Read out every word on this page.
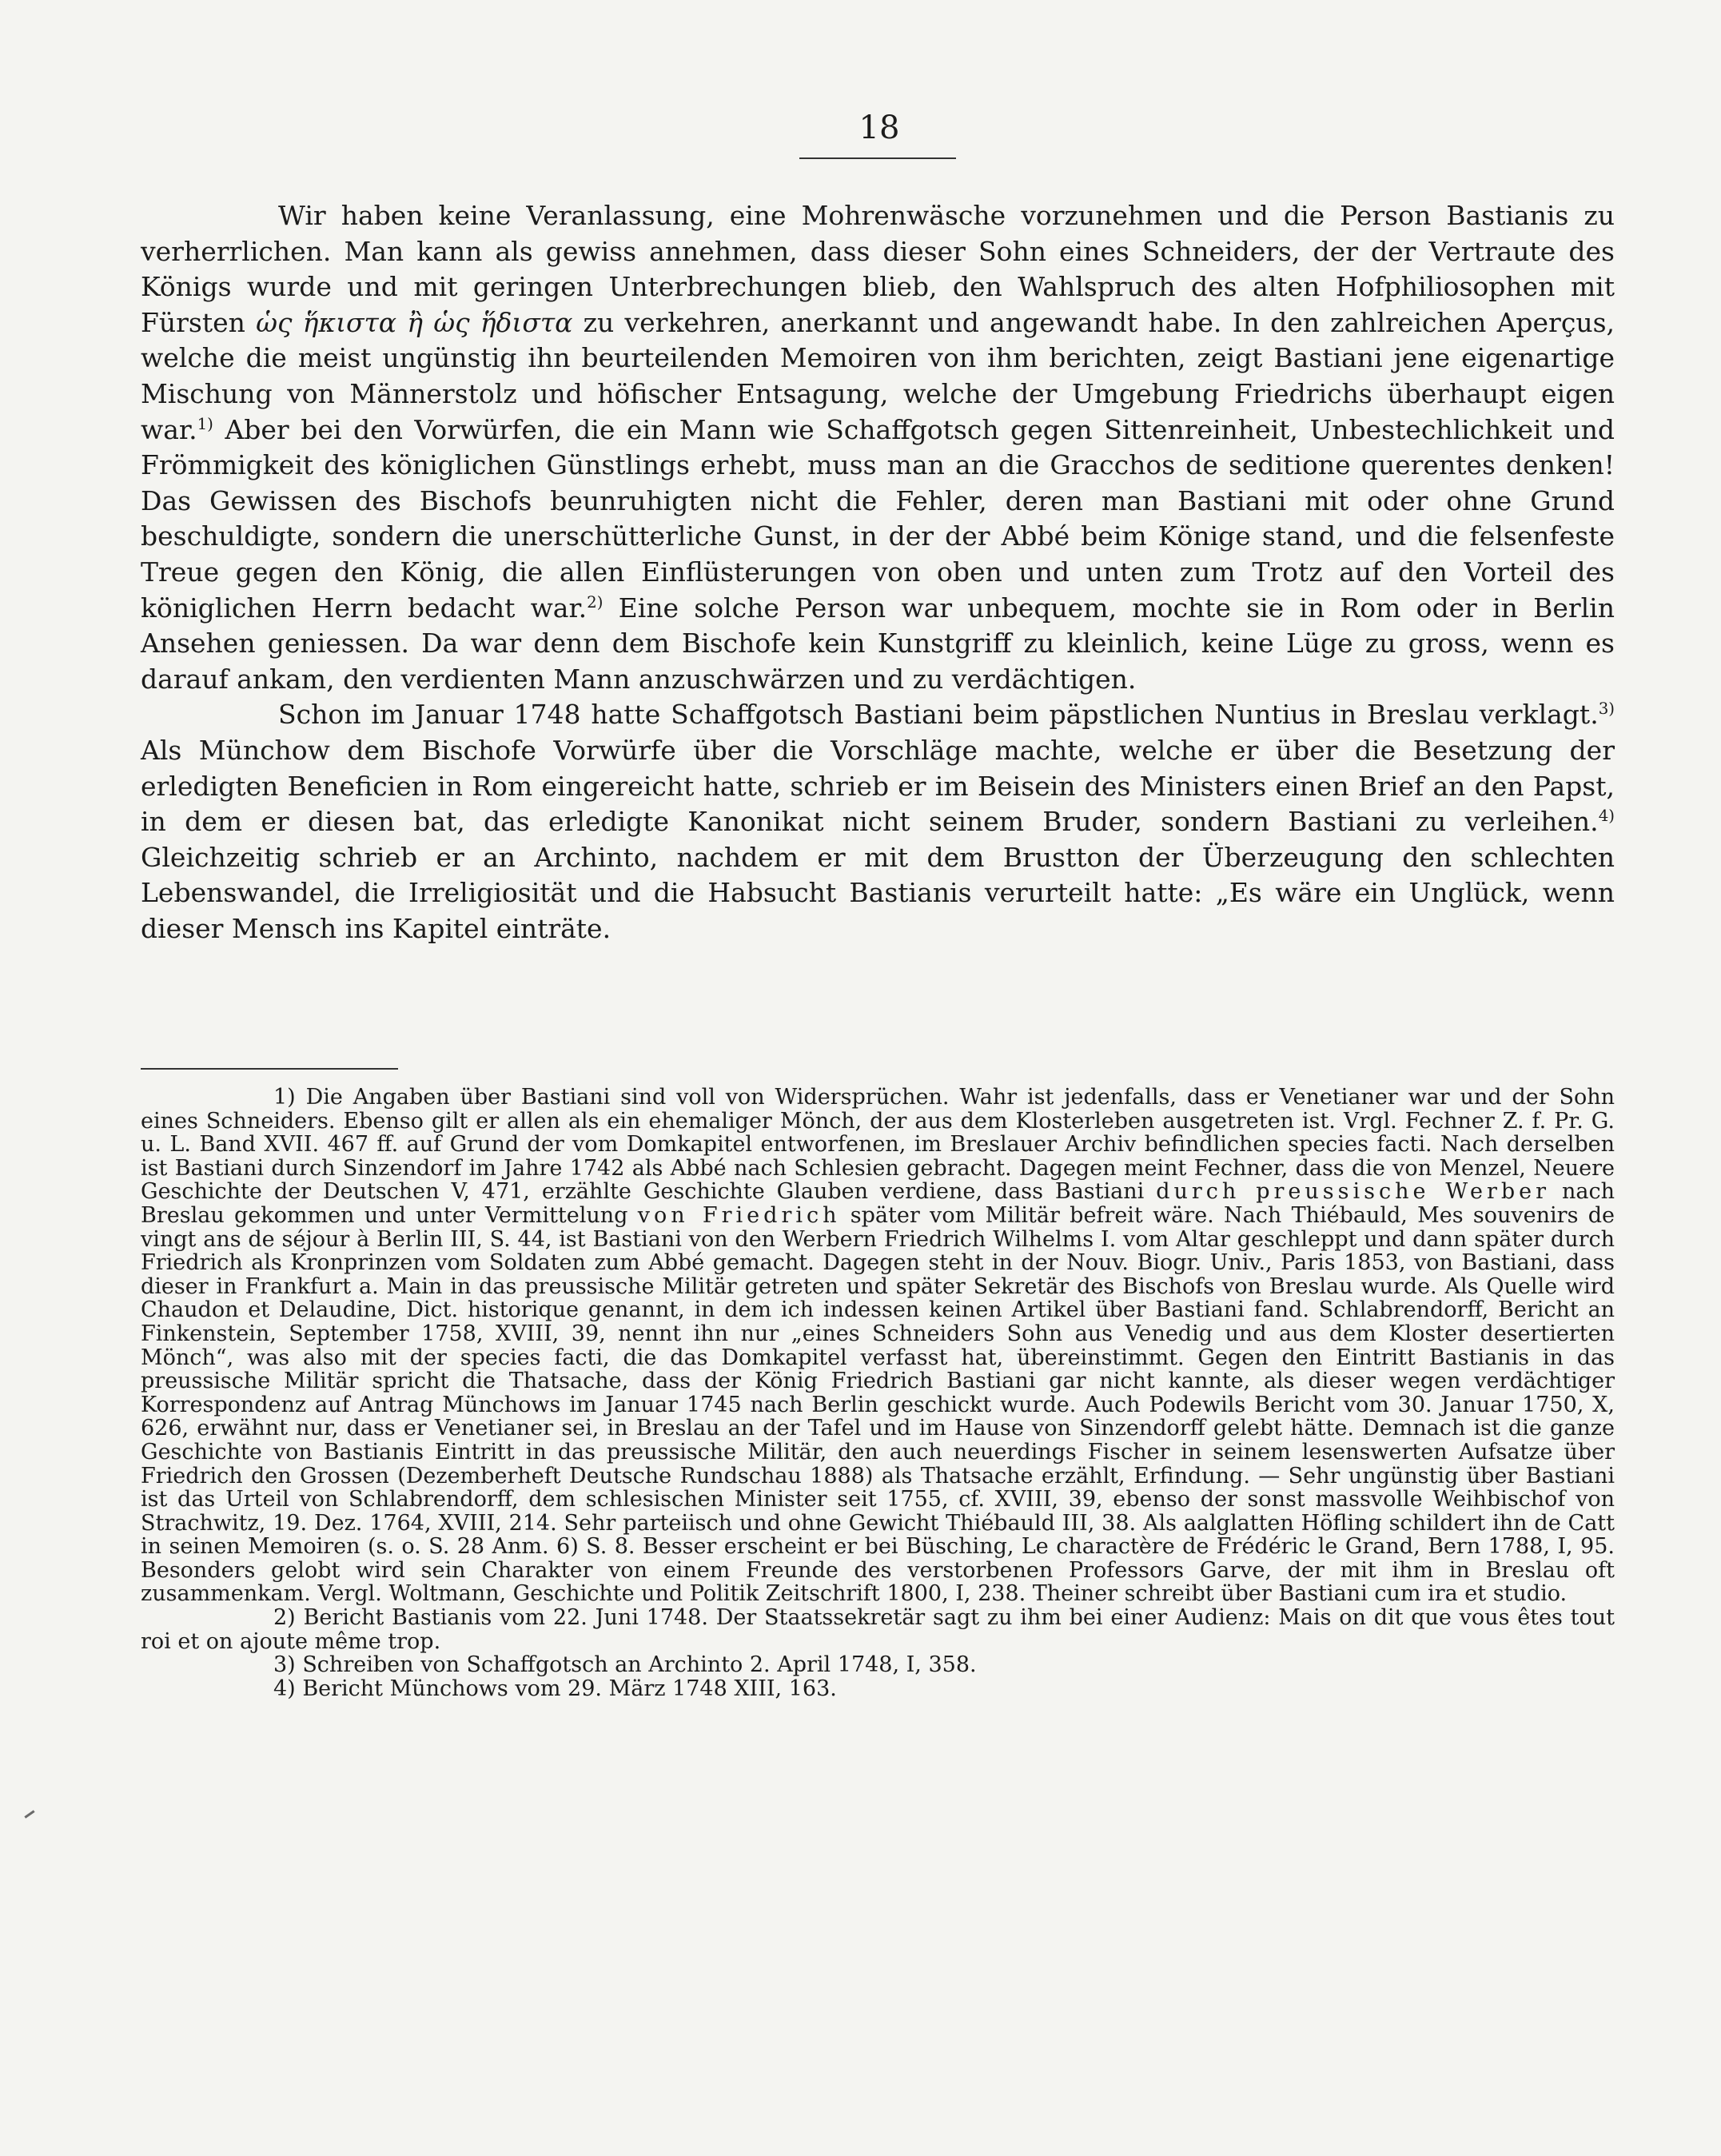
18

Wir haben keine Veranlassung, eine Mohrenwäsche vorzunehmen und die Person Bastianis zu verherrlichen. Man kann als gewiss annehmen, dass dieser Sohn eines Schneiders, der der Vertraute des Königs wurde und mit geringen Unterbrechungen blieb, den Wahlspruch des alten Hofphiliosophen mit Fürsten ὡς ἥκιστα ἢ ὡς ἥδιστα zu verkehren, anerkannt und angewandt habe. In den zahlreichen Aperçus, welche die meist ungünstig ihn beurteilenden Memoiren von ihm berichten, zeigt Bastiani jene eigenartige Mischung von Männerstolz und höfischer Entsagung, welche der Umgebung Friedrichs überhaupt eigen war.$^{1)}$ Aber bei den Vorwürfen, die ein Mann wie Schaffgotsch gegen Sittenreinheit, Unbestechlichkeit und Frömmigkeit des königlichen Günstlings erhebt, muss man an die Gracchos de seditione querentes denken! Das Gewissen des Bischofs beunruhigten nicht die Fehler, deren man Bastiani mit oder ohne Grund beschuldigte, sondern die unerschütterliche Gunst, in der der Abbé beim Könige stand, und die felsenfeste Treue gegen den König, die allen Einflüsterungen von oben und unten zum Trotz auf den Vorteil des königlichen Herrn bedacht war.$^{2)}$ Eine solche Person war unbequem, mochte sie in Rom oder in Berlin Ansehen geniessen. Da war denn dem Bischofe kein Kunstgriff zu kleinlich, keine Lüge zu gross, wenn es darauf ankam, den verdienten Mann anzuschwärzen und zu verdächtigen.

Schon im Januar 1748 hatte Schaffgotsch Bastiani beim päpstlichen Nuntius in Breslau verklagt.$^{3)}$ Als Münchow dem Bischofe Vorwürfe über die Vorschläge machte, welche er über die Besetzung der erledigten Beneficien in Rom eingereicht hatte, schrieb er im Beisein des Ministers einen Brief an den Papst, in dem er diesen bat, das erledigte Kanonikat nicht seinem Bruder, sondern Bastiani zu verleihen.$^{4)}$ Gleichzeitig schrieb er an Archinto, nachdem er mit dem Brustton der Überzeugung den schlechten Lebenswandel, die Irreligiosität und die Habsucht Bastianis verurteilt hatte: „Es wäre ein Unglück, wenn dieser Mensch ins Kapitel einträte.

1) Die Angaben über Bastiani sind voll von Widersprüchen. Wahr ist jedenfalls, dass er Venetianer war und der Sohn eines Schneiders. Ebenso gilt er allen als ein ehemaliger Mönch, der aus dem Klosterleben ausgetreten ist. Vrgl. Fechner Z. f. Pr. G. u. L. Band XVII. 467 ff. auf Grund der vom Domkapitel entworfenen, im Breslauer Archiv befindlichen species facti. Nach derselben ist Bastiani durch Sinzendorf im Jahre 1742 als Abbé nach Schlesien gebracht. Dagegen meint Fechner, dass die von Menzel, Neuere Geschichte der Deutschen V, 471, erzählte Geschichte Glauben verdiene, dass Bastiani durch preussische Werber nach Breslau gekommen und unter Vermittelung von Friedrich später vom Militär befreit wäre. Nach Thiébauld, Mes souvenirs de vingt ans de séjour à Berlin III, S. 44, ist Bastiani von den Werbern Friedrich Wilhelms I. vom Altar geschleppt und dann später durch Friedrich als Kronprinzen vom Soldaten zum Abbé gemacht. Dagegen steht in der Nouv. Biogr. Univ., Paris 1853, von Bastiani, dass dieser in Frankfurt a. Main in das preussische Militär getreten und später Sekretär des Bischofs von Breslau wurde. Als Quelle wird Chaudon et Delaudine, Dict. historique genannt, in dem ich indessen keinen Artikel über Bastiani fand. Schlabrendorff, Bericht an Finkenstein, September 1758, XVIII, 39, nennt ihn nur „eines Schneiders Sohn aus Venedig und aus dem Kloster desertierten Mönch“, was also mit der species facti, die das Domkapitel verfasst hat, übereinstimmt. Gegen den Eintritt Bastianis in das preussische Militär spricht die Thatsache, dass der König Friedrich Bastiani gar nicht kannte, als dieser wegen verdächtiger Korrespondenz auf Antrag Münchows im Januar 1745 nach Berlin geschickt wurde. Auch Podewils Bericht vom 30. Januar 1750, X, 626, erwähnt nur, dass er Venetianer sei, in Breslau an der Tafel und im Hause von Sinzendorff gelebt hätte. Demnach ist die ganze Geschichte von Bastianis Eintritt in das preussische Militär, den auch neuerdings Fischer in seinem lesenswerten Aufsatze über Friedrich den Grossen (Dezemberheft Deutsche Rundschau 1888) als Thatsache erzählt, Erfindung. — Sehr ungünstig über Bastiani ist das Urteil von Schlabrendorff, dem schlesischen Minister seit 1755, cf. XVIII, 39, ebenso der sonst massvolle Weihbischof von Strachwitz, 19. Dez. 1764, XVIII, 214. Sehr parteiisch und ohne Gewicht Thiébauld III, 38. Als aalglatten Höfling schildert ihn de Catt in seinen Memoiren (s. o. S. 28 Anm. 6) S. 8. Besser erscheint er bei Büsching, Le charactère de Frédéric le Grand, Bern 1788, I, 95. Besonders gelobt wird sein Charakter von einem Freunde des verstorbenen Professors Garve, der mit ihm in Breslau oft zusammenkam. Vergl. Woltmann, Geschichte und Politik Zeitschrift 1800, I, 238. Theiner schreibt über Bastiani cum ira et studio.

2) Bericht Bastianis vom 22. Juni 1748. Der Staatssekretär sagt zu ihm bei einer Audienz: Mais on dit que vous êtes tout roi et on ajoute même trop.

3) Schreiben von Schaffgotsch an Archinto 2. April 1748, I, 358.

4) Bericht Münchows vom 29. März 1748 XIII, 163.
